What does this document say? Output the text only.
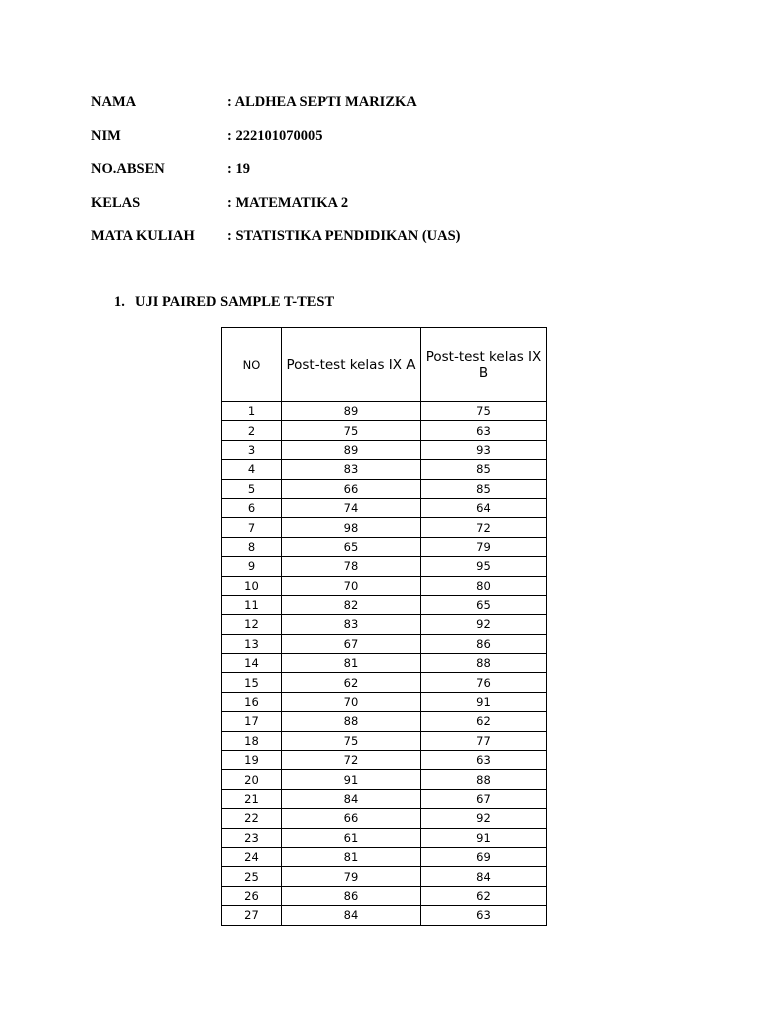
NAMA	: ALDHEA SEPTI MARIZKA
NIM	: 222101070005
NO.ABSEN	: 19
KELAS	: MATEMATIKA 2
MATA KULIAH	: STATISTIKA PENDIDIKAN (UAS)
1. UJI PAIRED SAMPLE T-TEST
NO	Post-test kelas IX A	Post-test kelas IX B
1	89	75
2	75	63
3	89	93
4	83	85
5	66	85
6	74	64
7	98	72
8	65	79
9	78	95
10	70	80
11	82	65
12	83	92
13	67	86
14	81	88
15	62	76
16	70	91
17	88	62
18	75	77
19	72	63
20	91	88
21	84	67
22	66	92
23	61	91
24	81	69
25	79	84
26	86	62
27	84	63
